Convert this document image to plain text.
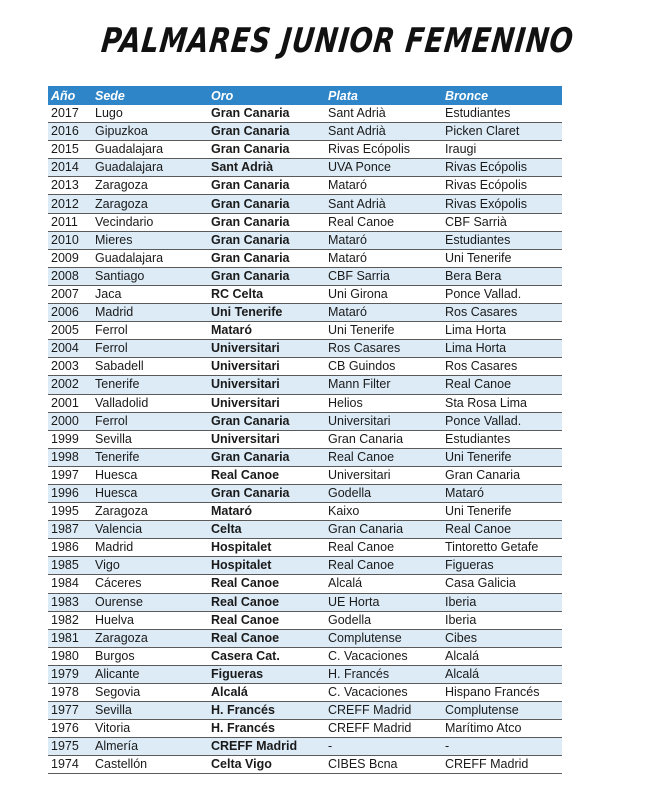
PALMARES JUNIOR FEMENINO
Año	Sede	Oro	Plata	Bronce
2017	Lugo	Gran Canaria	Sant Adrià	Estudiantes
2016	Gipuzkoa	Gran Canaria	Sant Adrià	Picken Claret
2015	Guadalajara	Gran Canaria	Rivas Ecópolis	Iraugi
2014	Guadalajara	Sant Adrià	UVA Ponce	Rivas Ecópolis
2013	Zaragoza	Gran Canaria	Mataró	Rivas Ecópolis
2012	Zaragoza	Gran Canaria	Sant Adrià	Rivas Exópolis
2011	Vecindario	Gran Canaria	Real Canoe	CBF Sarrià
2010	Mieres	Gran Canaria	Mataró	Estudiantes
2009	Guadalajara	Gran Canaria	Mataró	Uni Tenerife
2008	Santiago	Gran Canaria	CBF Sarria	Bera Bera
2007	Jaca	RC Celta	Uni Girona	Ponce Vallad.
2006	Madrid	Uni Tenerife	Mataró	Ros Casares
2005	Ferrol	Mataró	Uni Tenerife	Lima Horta
2004	Ferrol	Universitari	Ros Casares	Lima Horta
2003	Sabadell	Universitari	CB Guindos	Ros Casares
2002	Tenerife	Universitari	Mann Filter	Real Canoe
2001	Valladolid	Universitari	Helios	Sta Rosa Lima
2000	Ferrol	Gran Canaria	Universitari	Ponce Vallad.
1999	Sevilla	Universitari	Gran Canaria	Estudiantes
1998	Tenerife	Gran Canaria	Real Canoe	Uni Tenerife
1997	Huesca	Real Canoe	Universitari	Gran Canaria
1996	Huesca	Gran Canaria	Godella	Mataró
1995	Zaragoza	Mataró	Kaixo	Uni Tenerife
1987	Valencia	Celta	Gran Canaria	Real Canoe
1986	Madrid	Hospitalet	Real Canoe	Tintoretto Getafe
1985	Vigo	Hospitalet	Real Canoe	Figueras
1984	Cáceres	Real Canoe	Alcalá	Casa Galicia
1983	Ourense	Real Canoe	UE Horta	Iberia
1982	Huelva	Real Canoe	Godella	Iberia
1981	Zaragoza	Real Canoe	Complutense	Cibes
1980	Burgos	Casera Cat.	C. Vacaciones	Alcalá
1979	Alicante	Figueras	H. Francés	Alcalá
1978	Segovia	Alcalá	C. Vacaciones	Hispano Francés
1977	Sevilla	H. Francés	CREFF Madrid	Complutense
1976	Vitoria	H. Francés	CREFF Madrid	Marítimo Atco
1975	Almería	CREFF Madrid	-	-
1974	Castellón	Celta Vigo	CIBES Bcna	CREFF Madrid
